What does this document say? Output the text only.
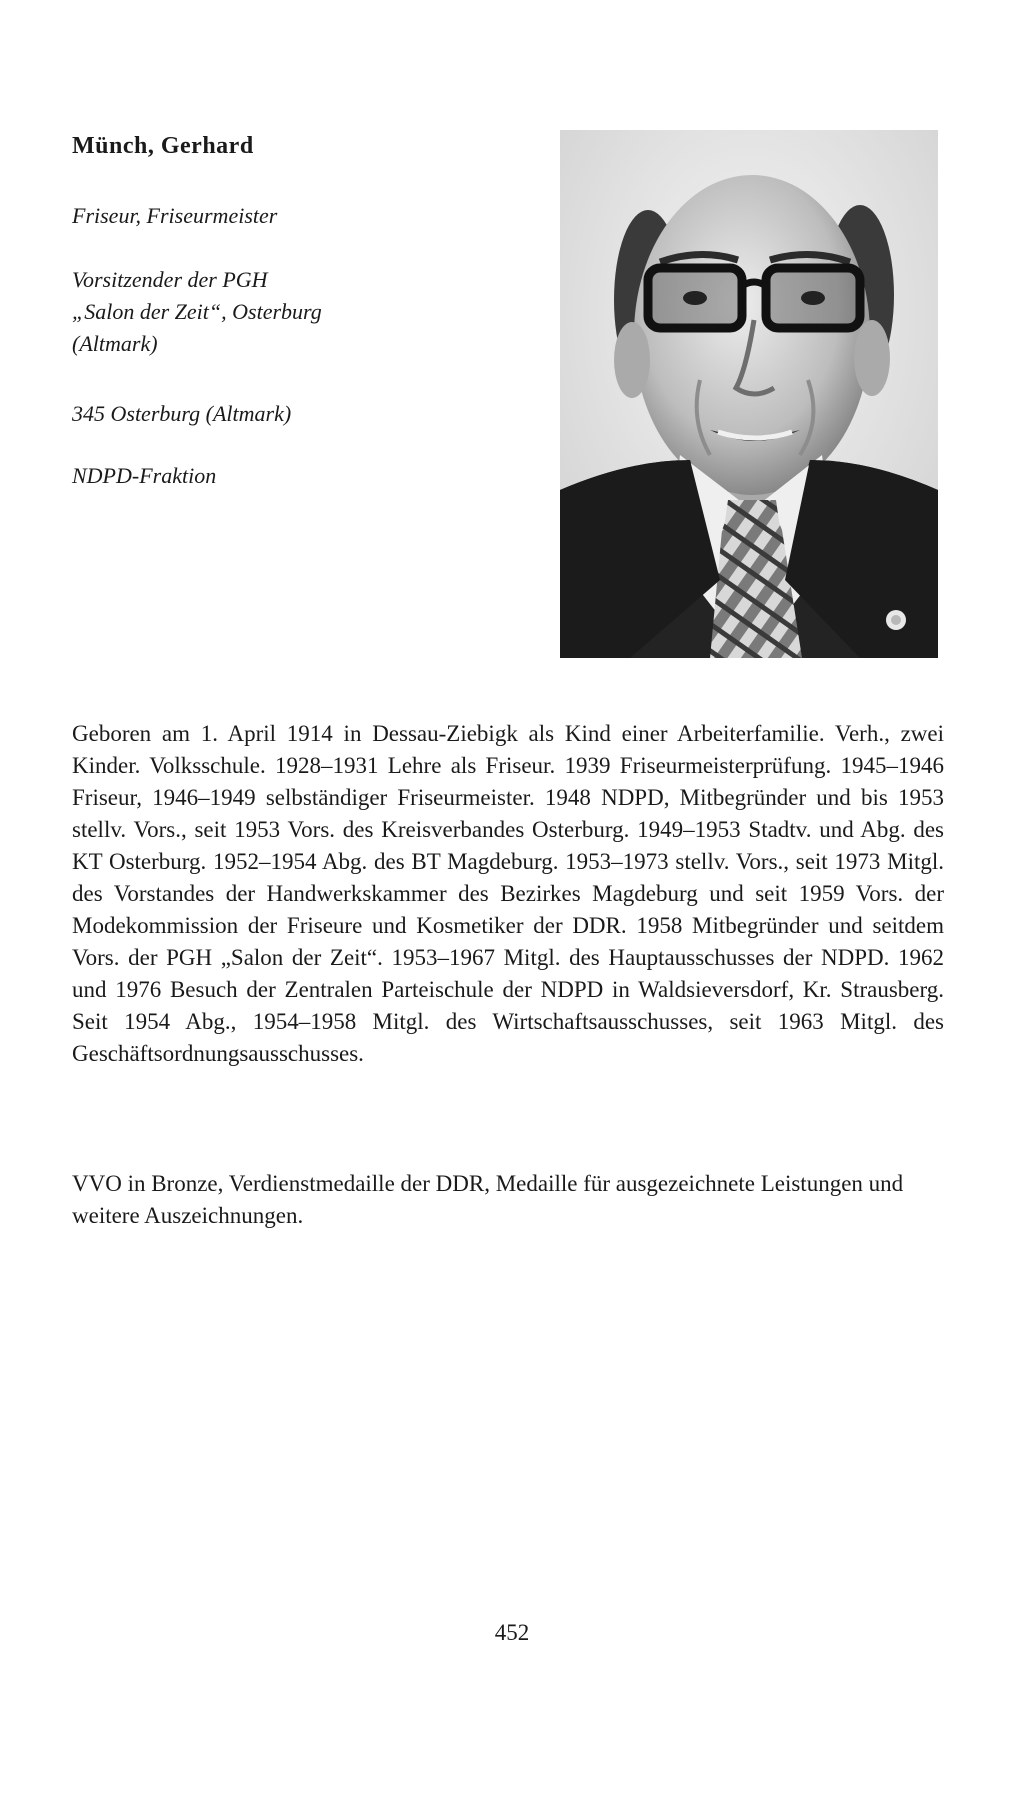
Münch, Gerhard

Friseur, Friseurmeister

Vorsitzender der PGH
„Salon der Zeit“, Osterburg
(Altmark)

345 Osterburg (Altmark)

NDPD-Fraktion

Geboren am 1. April 1914 in Dessau-Ziebigk als Kind einer Arbeiterfamilie. Verh., zwei Kinder. Volksschule. 1928–1931 Lehre als Friseur. 1939 Friseurmeisterprüfung. 1945–1946 Friseur, 1946–1949 selbständiger Friseurmeister. 1948 NDPD, Mitbegründer und bis 1953 stellv. Vors., seit 1953 Vors. des Kreisverbandes Osterburg. 1949–1953 Stadtv. und Abg. des KT Osterburg. 1952–1954 Abg. des BT Magdeburg. 1953–1973 stellv. Vors., seit 1973 Mitgl. des Vorstandes der Handwerkskammer des Bezirkes Magdeburg und seit 1959 Vors. der Modekommission der Friseure und Kosmetiker der DDR. 1958 Mitbegründer und seitdem Vors. der PGH „Salon der Zeit“. 1953–1967 Mitgl. des Hauptausschusses der NDPD. 1962 und 1976 Besuch der Zentralen Parteischule der NDPD in Waldsieversdorf, Kr. Strausberg. Seit 1954 Abg., 1954–1958 Mitgl. des Wirtschaftsausschusses, seit 1963 Mitgl. des Geschäftsordnungsausschusses.

VVO in Bronze, Verdienstmedaille der DDR, Medaille für ausgezeichnete Leistungen und weitere Auszeichnungen.

452
